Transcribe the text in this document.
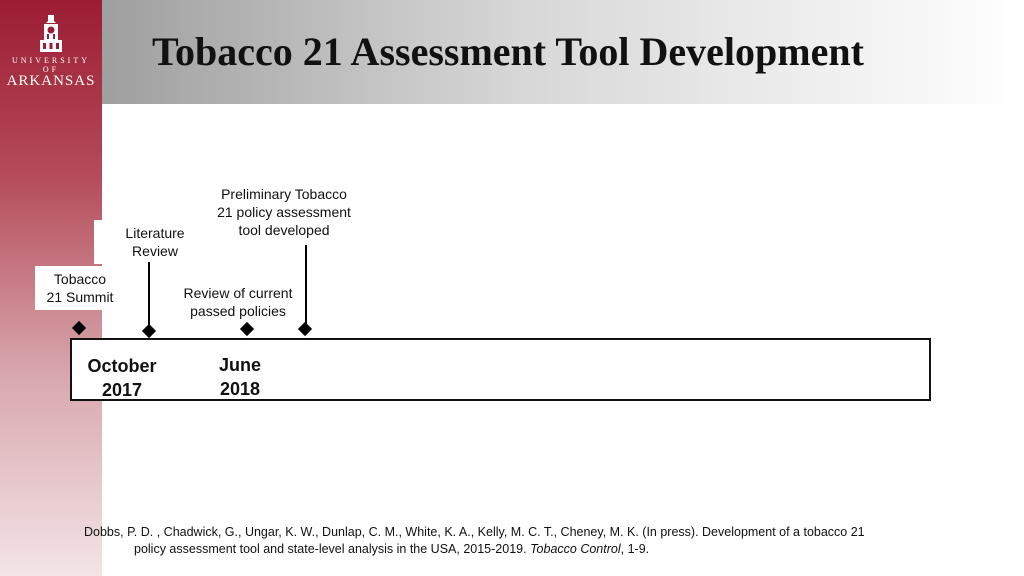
UNIVERSITY OF
ARKANSAS
Tobacco 21 Assessment Tool Development
Tobacco
21 Summit
Literature
Review
Review of current
passed policies
Preliminary Tobacco
21 policy assessment
tool developed
October
2017
June
2018
Dobbs, P. D. , Chadwick, G., Ungar, K. W., Dunlap, C. M., White, K. A., Kelly, M. C. T., Cheney, M. K. (In press). Development of a tobacco 21
policy assessment tool and state-level analysis in the USA, 2015-2019. Tobacco Control, 1-9.
